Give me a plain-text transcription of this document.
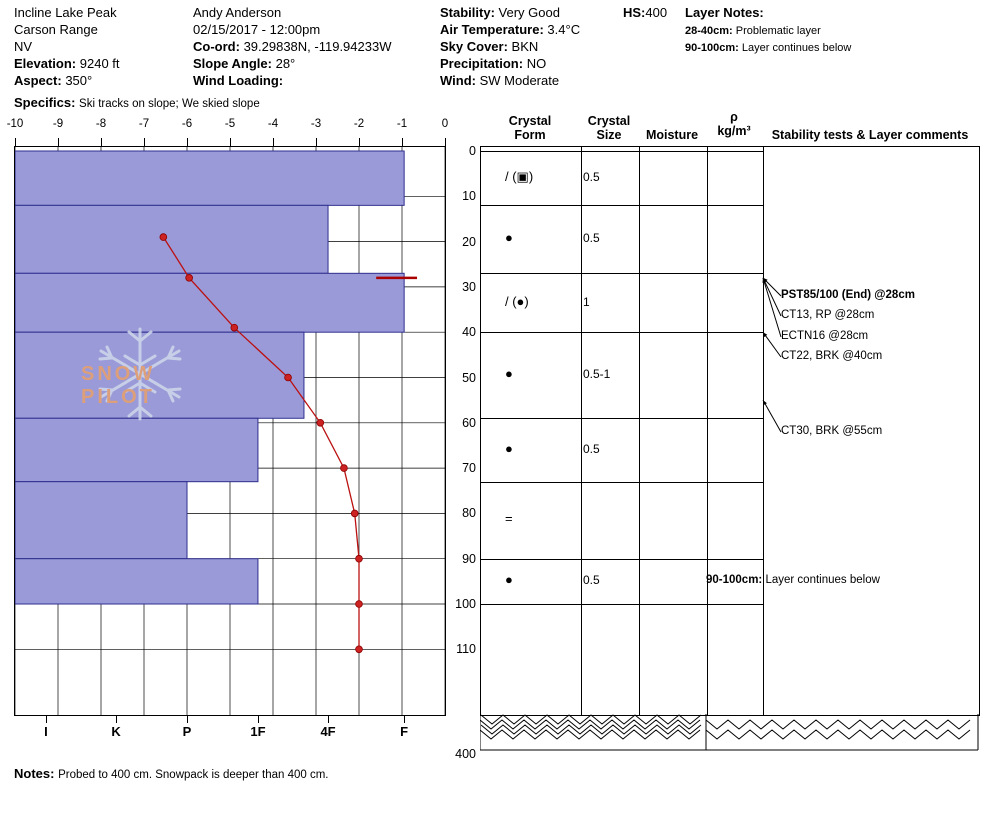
Incline Lake Peak
Carson Range
NV
Elevation: 9240 ft
Aspect: 350°
Andy Anderson
02/15/2017 - 12:00pm
Co-ord: 39.29838N, -119.94233W
Slope Angle: 28°
Wind Loading:
Stability: Very Good
Air Temperature: 3.4°C
Sky Cover: BKN
Precipitation: NO
Wind: SW Moderate
HS:400 Layer Notes:
28-40cm: Problematic layer
90-100cm: Layer continues below
Specifics: Ski tracks on slope; We skied slope
-10	-9	-8	-7	-6	-5	-4	-3	-2	-1	0
SNOW PILOT
I	K	P	1F	4F	F
0
10
20
30
40
50
60
70
80
90
100
110
400
Crystal
Form
Crystal
Size	Moisture
ρ
kg/m³	Stability tests & Layer comments
/ (▣)	0.5
●	0.5
/ (●)	1
●	0.5-1
●	0.5
=
●	0.5
PST85/100 (End) @28cm
CT13, RP @28cm
ECTN16 @28cm
CT22, BRK @40cm
CT30, BRK @55cm
90-100cm: Layer continues below
Notes: Probed to 400 cm. Snowpack is deeper than 400 cm.
